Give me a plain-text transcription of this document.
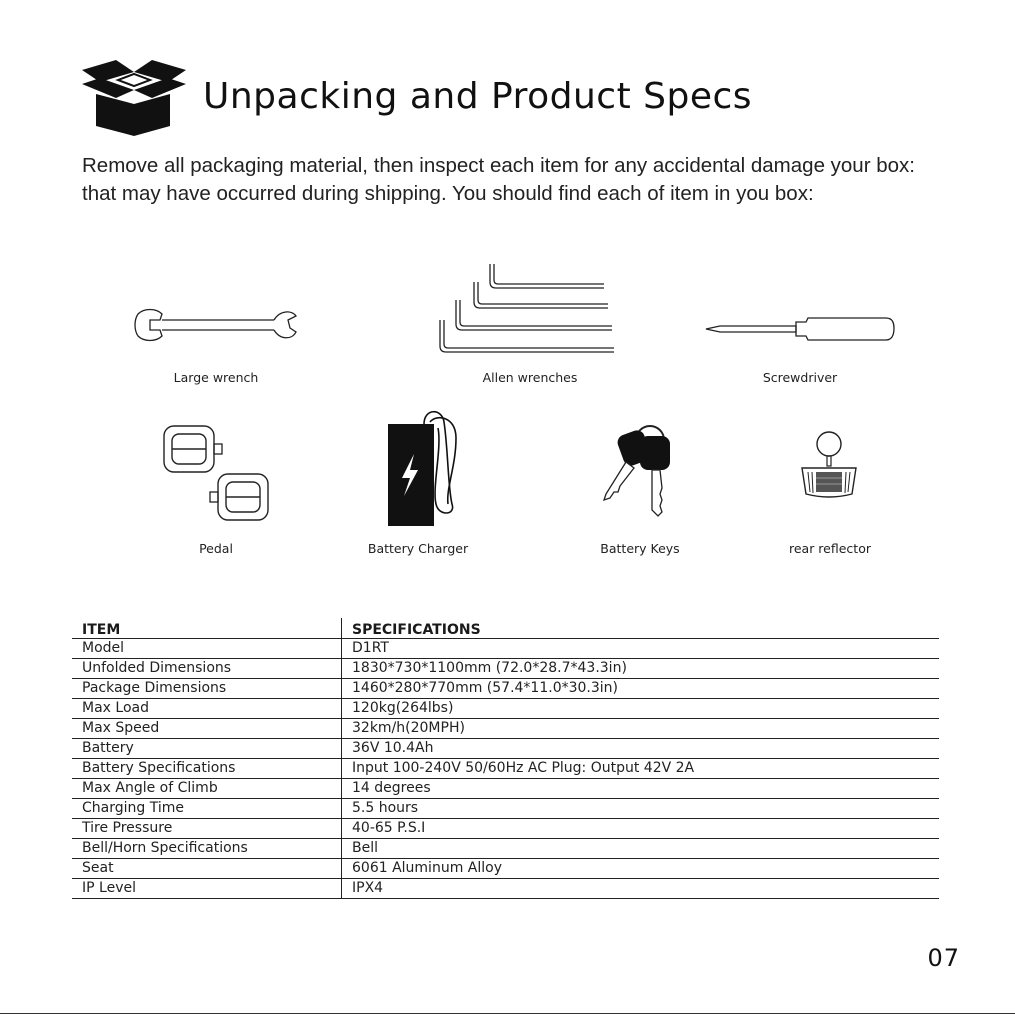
Unpacking and Product Specs
Remove all packaging material, then inspect each item for any accidental damage your box: that may have occurred during shipping. You should find each of item in you box:
Large wrench	Allen wrenches	Screwdriver
Pedal	Battery Charger	Battery Keys	rear reflector
ITEM	SPECIFICATIONS
Model	D1RT
Unfolded Dimensions	1830*730*1100mm (72.0*28.7*43.3in)
Package Dimensions	1460*280*770mm (57.4*11.0*30.3in)
Max Load	120kg(264lbs)
Max Speed	32km/h(20MPH)
Battery	36V 10.4Ah
Battery Specifications	Input 100-240V 50/60Hz AC Plug: Output 42V 2A
Max Angle of Climb	14 degrees
Charging Time	5.5 hours
Tire Pressure	40-65 P.S.I
Bell/Horn Specifications	Bell
Seat	6061 Aluminum Alloy
IP Level	IPX4
07
